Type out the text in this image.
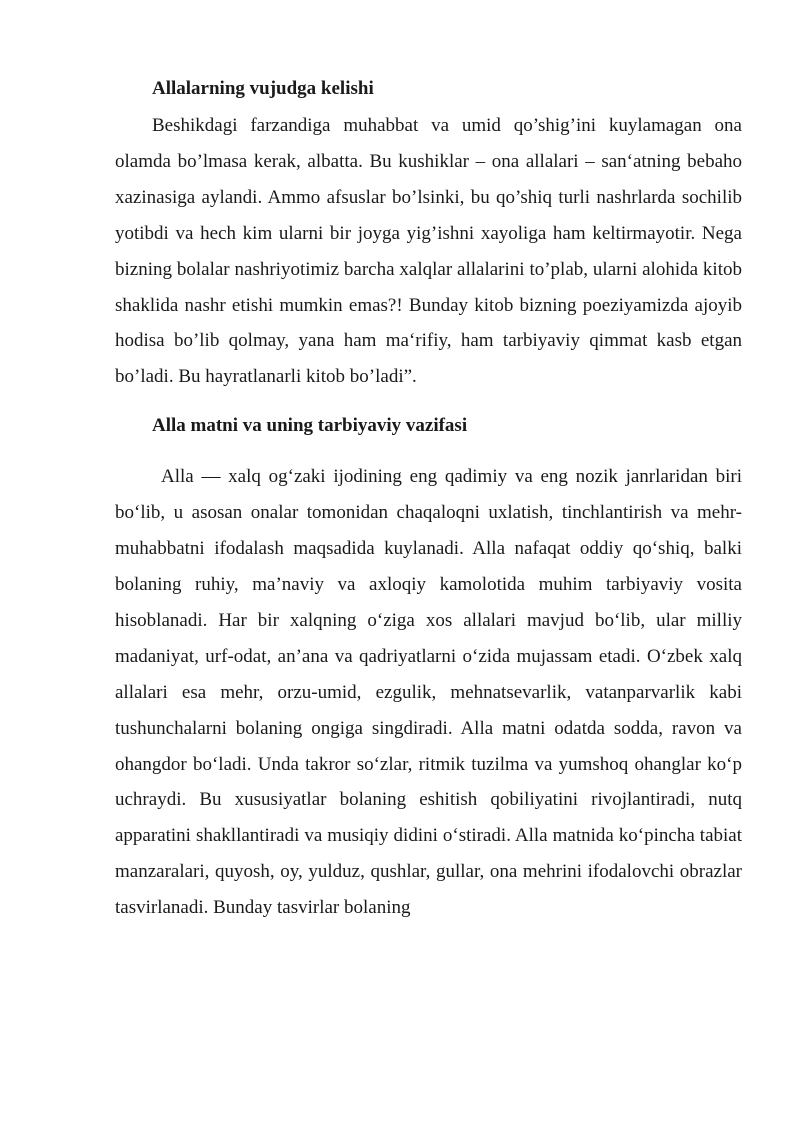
Allalarning vujudga kelishi

Beshikdagi farzandiga muhabbat va umid qo’shig’ini kuylamagan ona olamda bo’lmasa kerak, albatta. Bu kushiklar – ona allalari – san‘atning bebaho xazinasiga aylandi. Ammo afsuslar bo’lsinki, bu qo’shiq turli nashrlarda sochilib yotibdi va hech kim ularni bir joyga yig’ishni xayoliga ham keltirmayotir. Nega bizning bolalar nashriyotimiz barcha xalqlar allalarini to’plab, ularni alohida kitob shaklida nashr etishi mumkin emas?! Bunday kitob bizning poeziyamizda ajoyib hodisa bo’lib qolmay, yana ham ma‘rifiy, ham tarbiyaviy qimmat kasb etgan bo’ladi. Bu hayratlanarli kitob bo’ladi”.

Alla matni va uning tarbiyaviy vazifasi

Alla — xalq og‘zaki ijodining eng qadimiy va eng nozik janrlaridan biri bo‘lib, u asosan onalar tomonidan chaqaloqni uxlatish, tinchlantirish va mehr-muhabbatni ifodalash maqsadida kuylanadi. Alla nafaqat oddiy qo‘shiq, balki bolaning ruhiy, ma’naviy va axloqiy kamolotida muhim tarbiyaviy vosita hisoblanadi. Har bir xalqning o‘ziga xos allalari mavjud bo‘lib, ular milliy madaniyat, urf-odat, an’ana va qadriyatlarni o‘zida mujassam etadi. O‘zbek xalq allalari esa mehr, orzu-umid, ezgulik, mehnatsevarlik, vatanparvarlik kabi tushunchalarni bolaning ongiga singdiradi. Alla matni odatda sodda, ravon va ohangdor bo‘ladi. Unda takror so‘zlar, ritmik tuzilma va yumshoq ohanglar ko‘p uchraydi. Bu xususiyatlar bolaning eshitish qobiliyatini rivojlantiradi, nutq apparatini shakllantiradi va musiqiy didini o‘stiradi. Alla matnida ko‘pincha tabiat manzaralari, quyosh, oy, yulduz, qushlar, gullar, ona mehrini ifodalovchi obrazlar tasvirlanadi. Bunday tasvirlar bolaning
